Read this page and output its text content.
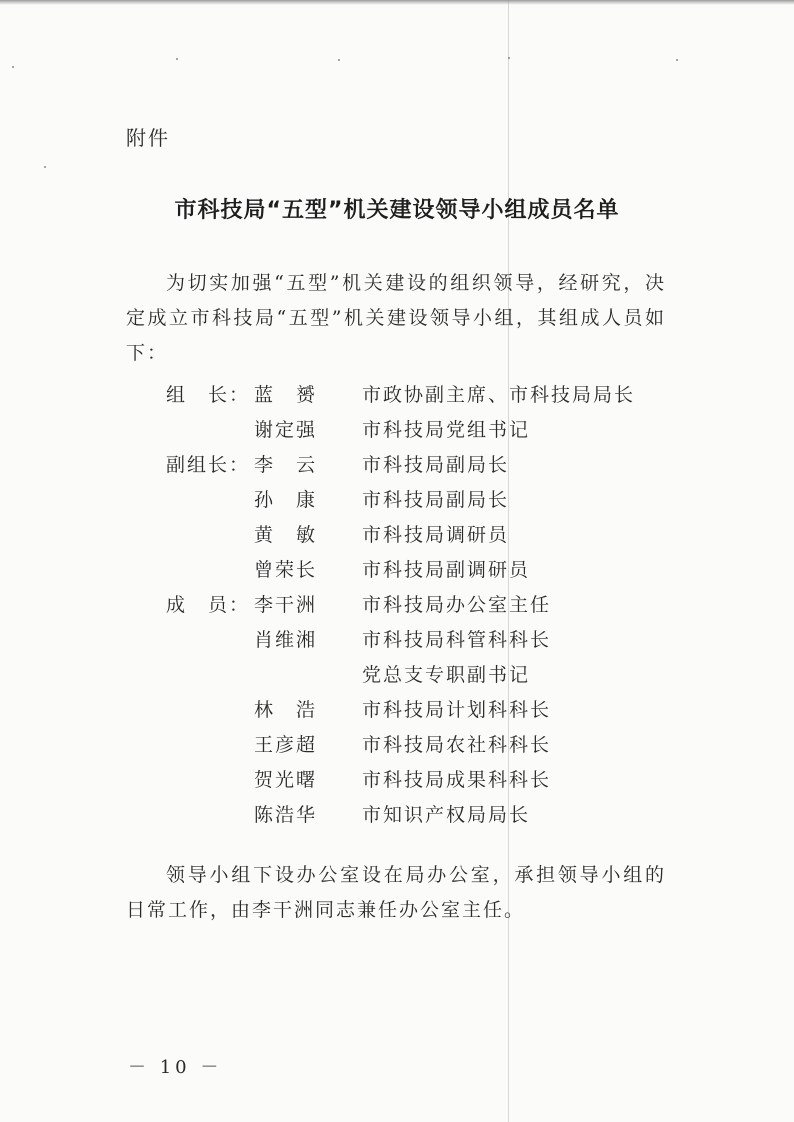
附件
市科技局“五型”机关建设领导小组成员名单
为切实加强“五型”机关建设的组织领导，经研究，决定成立市科技局“五型”机关建设领导小组，其组成人员如下：
组　长： 蓝　赟	市政协副主席、市科技局局长
谢定强	市科技局党组书记
副组长： 李　云	市科技局副局长
孙　康	市科技局副局长
黄　敏	市科技局调研员
曾荣长	市科技局副调研员
成　员： 李干洲	市科技局办公室主任
肖维湘	市科技局科管科科长
党总支专职副书记
林　浩	市科技局计划科科长
王彦超	市科技局农社科科长
贺光曙	市科技局成果科科长
陈浩华	市知识产权局局长
领导小组下设办公室设在局办公室，承担领导小组的日常工作，由李干洲同志兼任办公室主任。
－ 10 －
